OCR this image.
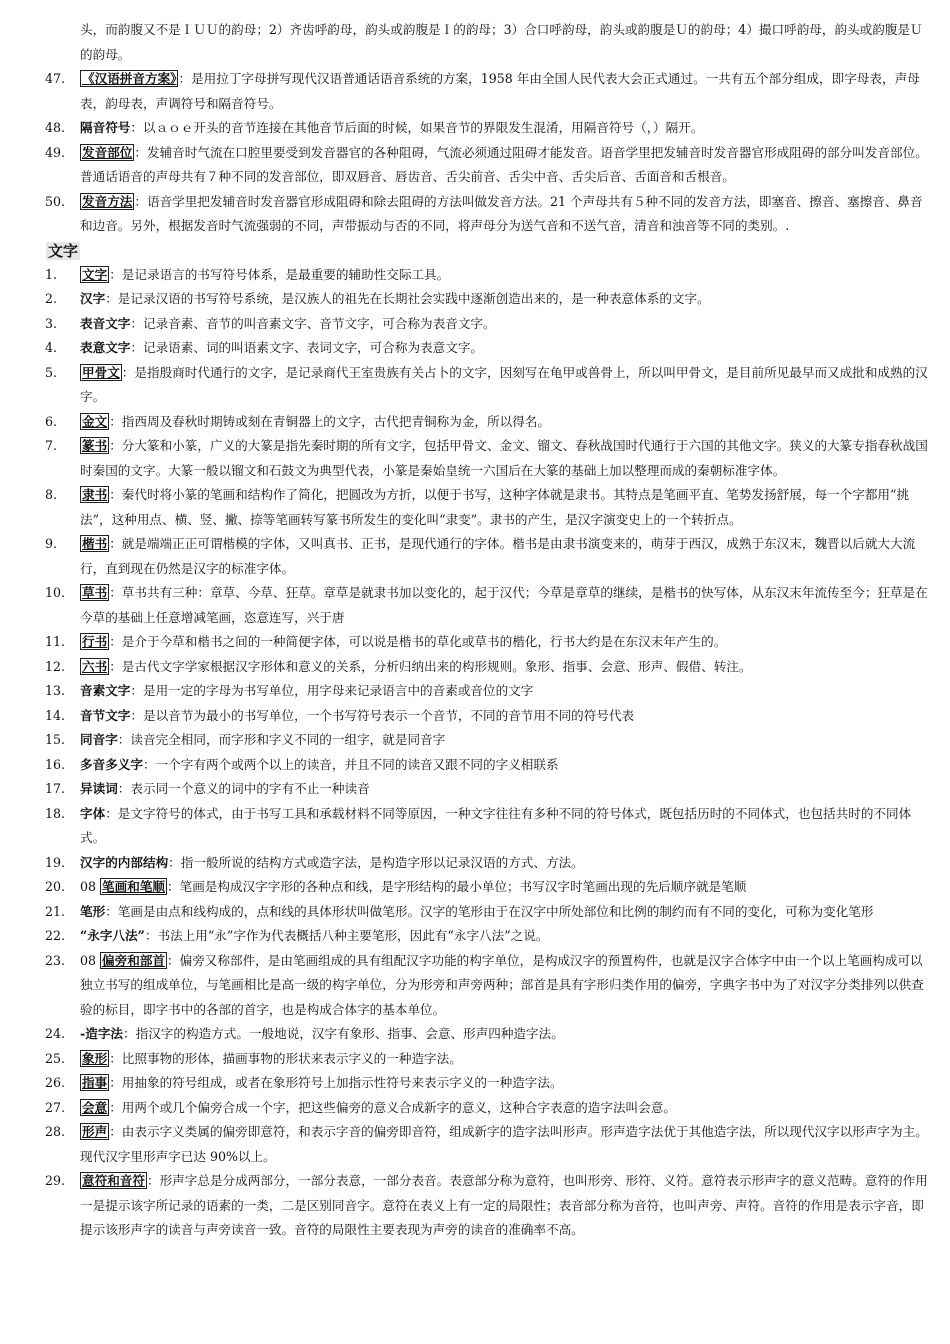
头，而韵腹又不是ＩＵＵ的韵母；2）齐齿呼韵母，韵头或韵腹是Ｉ的韵母；3）合口呼韵母，韵头或韵腹是Ｕ的韵母；4）撮口呼韵母，韵头或韵腹是Ｕ的韵母。
47.	《汉语拼音方案》 ：是用拉丁字母拼写现代汉语普通话语音系统的方案，1958 年由全国人民代表大会正式通过。一共有五个部分组成，即字母表，声母表，韵母表，声调符号和隔音符号。
48.	隔音符号：以ａｏｅ开头的音节连接在其他音节后面的时候，如果音节的界限发生混淆，用隔音符号（，）隔开。
49.	发音部位 ：发辅音时气流在口腔里要受到发音器官的各种阻碍，气流必须通过阻碍才能发音。语音学里把发辅音时发音器官形成阻碍的部分叫发音部位。普通话语音的声母共有７种不同的发音部位，即双唇音、唇齿音、舌尖前音、舌尖中音、舌尖后音、舌面音和舌根音。
50.	发音方法 ：语音学里把发辅音时发音器官形成阻碍和除去阻碍的方法叫做发音方法。21 个声母共有５种不同的发音方法，即塞音、擦音、塞擦音、鼻音和边音。另外，根据发音时气流强弱的不同，声带振动与否的不同，将声母分为送气音和不送气音，清音和浊音等不同的类别。.
文字
1.	文字 ：是记录语言的书写符号体系，是最重要的辅助性交际工具。
2.	汉字：是记录汉语的书写符号系统，是汉族人的祖先在长期社会实践中逐渐创造出来的，是一种表意体系的文字。
3.	表音文字：记录音素、音节的叫音素文字、音节文字，可合称为表音文字。
4.	表意文字：记录语素、词的叫语素文字、表词文字，可合称为表意文字。
5.	甲骨文 ：是指殷商时代通行的文字，是记录商代王室贵族有关占卜的文字，因刻写在龟甲或兽骨上，所以叫甲骨文，是目前所见最早而又成批和成熟的汉字。
6.	金文 ：指西周及春秋时期铸或刻在青铜器上的文字，古代把青铜称为金，所以得名。
7.	篆书 ：分大篆和小篆，广义的大篆是指先秦时期的所有文字，包括甲骨文、金文、镏文、春秋战国时代通行于六国的其他文字。狭义的大篆专指春秋战国时秦国的文字。大篆一般以镏文和石鼓文为典型代表，小篆是秦始皇统一六国后在大篆的基础上加以整理而成的秦朝标准字体。
8.	隶书 ：秦代时将小篆的笔画和结构作了简化，把圆改为方折，以便于书写，这种字体就是隶书。其特点是笔画平直、笔势发扬舒展，每一个字都用“挑法”，这种用点、横、竖、撇、捺等笔画转写篆书所发生的变化叫“隶变”。隶书的产生，是汉字演变史上的一个转折点。
9.	楷书 ：就是端端正正可谓楷模的字体，又叫真书、正书，是现代通行的字体。楷书是由隶书演变来的，萌芽于西汉，成熟于东汉末，魏晋以后就大大流行，直到现在仍然是汉字的标准字体。
10.	草书 ：草书共有三种：章草、今草、狂草。章草是就隶书加以变化的，起于汉代；今草是章草的继续，是楷书的快写体，从东汉末年流传至今；狂草是在今草的基础上任意增减笔画，恣意连写，兴于唐
11.	行书 ：是介于今草和楷书之间的一种简便字体，可以说是楷书的草化或草书的楷化，行书大约是在东汉末年产生的。
12.	六书 ：是古代文字学家根据汉字形体和意义的关系，分析归纳出来的构形规则。象形、指事、会意、形声、假借、转注。
13.	音素文字：是用一定的字母为书写单位，用字母来记录语言中的音素或音位的文字
14.	音节文字：是以音节为最小的书写单位，一个书写符号表示一个音节，不同的音节用不同的符号代表
15.	同音字：读音完全相同，而字形和字义不同的一组字，就是同音字
16.	多音多义字：一个字有两个或两个以上的读音，并且不同的读音又跟不同的字义相联系
17.	异读词：表示同一个意义的词中的字有不止一种读音
18.	字体：是文字符号的体式，由于书写工具和承载材料不同等原因，一种文字往往有多种不同的符号体式，既包括历时的不同体式，也包括共时的不同体式。
19.	汉字的内部结构：指一般所说的结构方式或造字法，是构造字形以记录汉语的方式、方法。
20.	08 笔画和笔顺 ：笔画是构成汉字字形的各种点和线，是字形结构的最小单位；书写汉字时笔画出现的先后顺序就是笔顺
21.	笔形：笔画是由点和线构成的，点和线的具体形状叫做笔形。汉字的笔形由于在汉字中所处部位和比例的制约而有不同的变化，可称为变化笔形
22.	“永字八法”：书法上用“永”字作为代表概括八种主要笔形，因此有“永字八法”之说。
23.	08 偏旁和部首 ：偏旁又称部件，是由笔画组成的具有组配汉字功能的构字单位，是构成汉字的预置构件，也就是汉字合体字中由一个以上笔画构成可以独立书写的组成单位，与笔画相比是高一级的构字单位，分为形旁和声旁两种；部首是具有字形归类作用的偏旁，字典字书中为了对汉字分类排列以供查验的标目，即字书中的各部的首字，也是构成合体字的基本单位。
24.	-造字法：指汉字的构造方式。一般地说，汉字有象形、指事、会意、形声四种造字法。
25.	象形 ：比照事物的形体，描画事物的形状来表示字义的一种造字法。
26.	指事 ：用抽象的符号组成，或者在象形符号上加指示性符号来表示字义的一种造字法。
27.	会意 ：用两个或几个偏旁合成一个字，把这些偏旁的意义合成新字的意义，这种合字表意的造字法叫会意。
28.	形声 ：由表示字义类属的偏旁即意符，和表示字音的偏旁即音符，组成新字的造字法叫形声。形声造字法优于其他造字法，所以现代汉字以形声字为主。现代汉字里形声字已达 90%以上。
29.	意符和音符 ：形声字总是分成两部分，一部分表意，一部分表音。表意部分称为意符，也叫形旁、形符、义符。意符表示形声字的意义范畴。意符的作用一是提示该字所记录的语素的一类，二是区别同音字。意符在表义上有一定的局限性；表音部分称为音符，也叫声旁、声符。音符的作用是表示字音，即提示该形声字的读音与声旁读音一致。音符的局限性主要表现为声旁的读音的准确率不高。
